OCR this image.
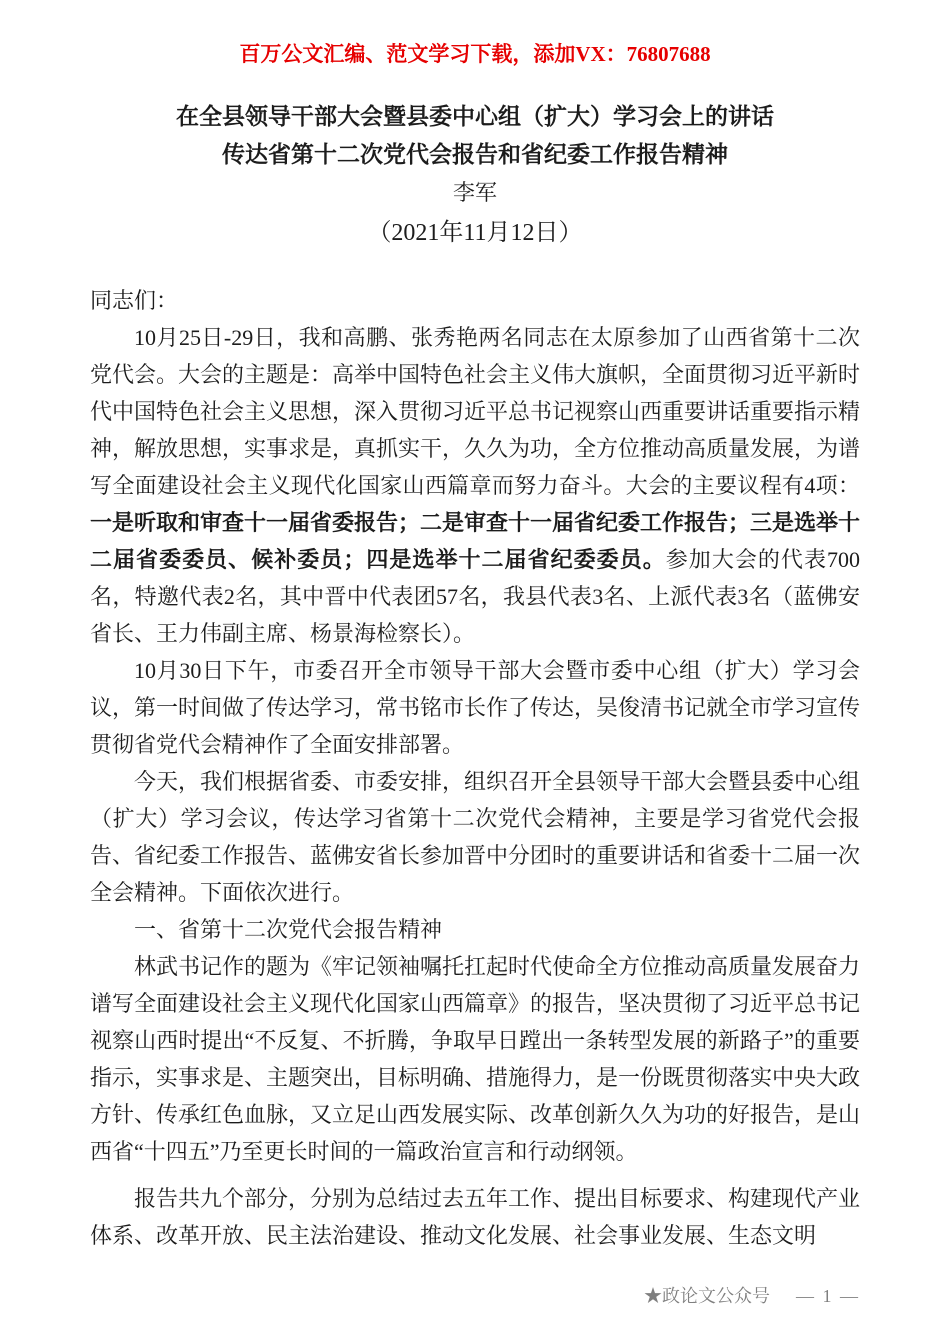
百万公文汇编、范文学习下载，添加VX：76807688
在全县领导干部大会暨县委中心组（扩大）学习会上的讲话
传达省第十二次党代会报告和省纪委工作报告精神
李军
（2021年11月12日）

同志们：

10月25日-29日，我和高鹏、张秀艳两名同志在太原参加了山西省第十二次党代会。大会的主题是：高举中国特色社会主义伟大旗帜，全面贯彻习近平新时代中国特色社会主义思想，深入贯彻习近平总书记视察山西重要讲话重要指示精神，解放思想，实事求是，真抓实干，久久为功，全方位推动高质量发展，为谱写全面建设社会主义现代化国家山西篇章而努力奋斗。大会的主要议程有4项：一是听取和审查十一届省委报告；二是审查十一届省纪委工作报告；三是选举十二届省委委员、候补委员；四是选举十二届省纪委委员。参加大会的代表700名，特邀代表2名，其中晋中代表团57名，我县代表3名、上派代表3名（蓝佛安省长、王力伟副主席、杨景海检察长）。

10月30日下午，市委召开全市领导干部大会暨市委中心组（扩大）学习会议，第一时间做了传达学习，常书铭市长作了传达，吴俊清书记就全市学习宣传贯彻省党代会精神作了全面安排部署。

今天，我们根据省委、市委安排，组织召开全县领导干部大会暨县委中心组（扩大）学习会议，传达学习省第十二次党代会精神，主要是学习省党代会报告、省纪委工作报告、蓝佛安省长参加晋中分团时的重要讲话和省委十二届一次全会精神。下面依次进行。

一、省第十二次党代会报告精神

林武书记作的题为《牢记领袖嘱托扛起时代使命全方位推动高质量发展奋力谱写全面建设社会主义现代化国家山西篇章》的报告，坚决贯彻了习近平总书记视察山西时提出“不反复、不折腾，争取早日蹚出一条转型发展的新路子”的重要指示，实事求是、主题突出，目标明确、措施得力，是一份既贯彻落实中央大政方针、传承红色血脉，又立足山西发展实际、改革创新久久为功的好报告，是山西省“十四五”乃至更长时间的一篇政治宣言和行动纲领。

报告共九个部分，分别为总结过去五年工作、提出目标要求、构建现代产业体系、改革开放、民主法治建设、推动文化发展、社会事业发展、生态文明

★政论文公众号 — 1 —
